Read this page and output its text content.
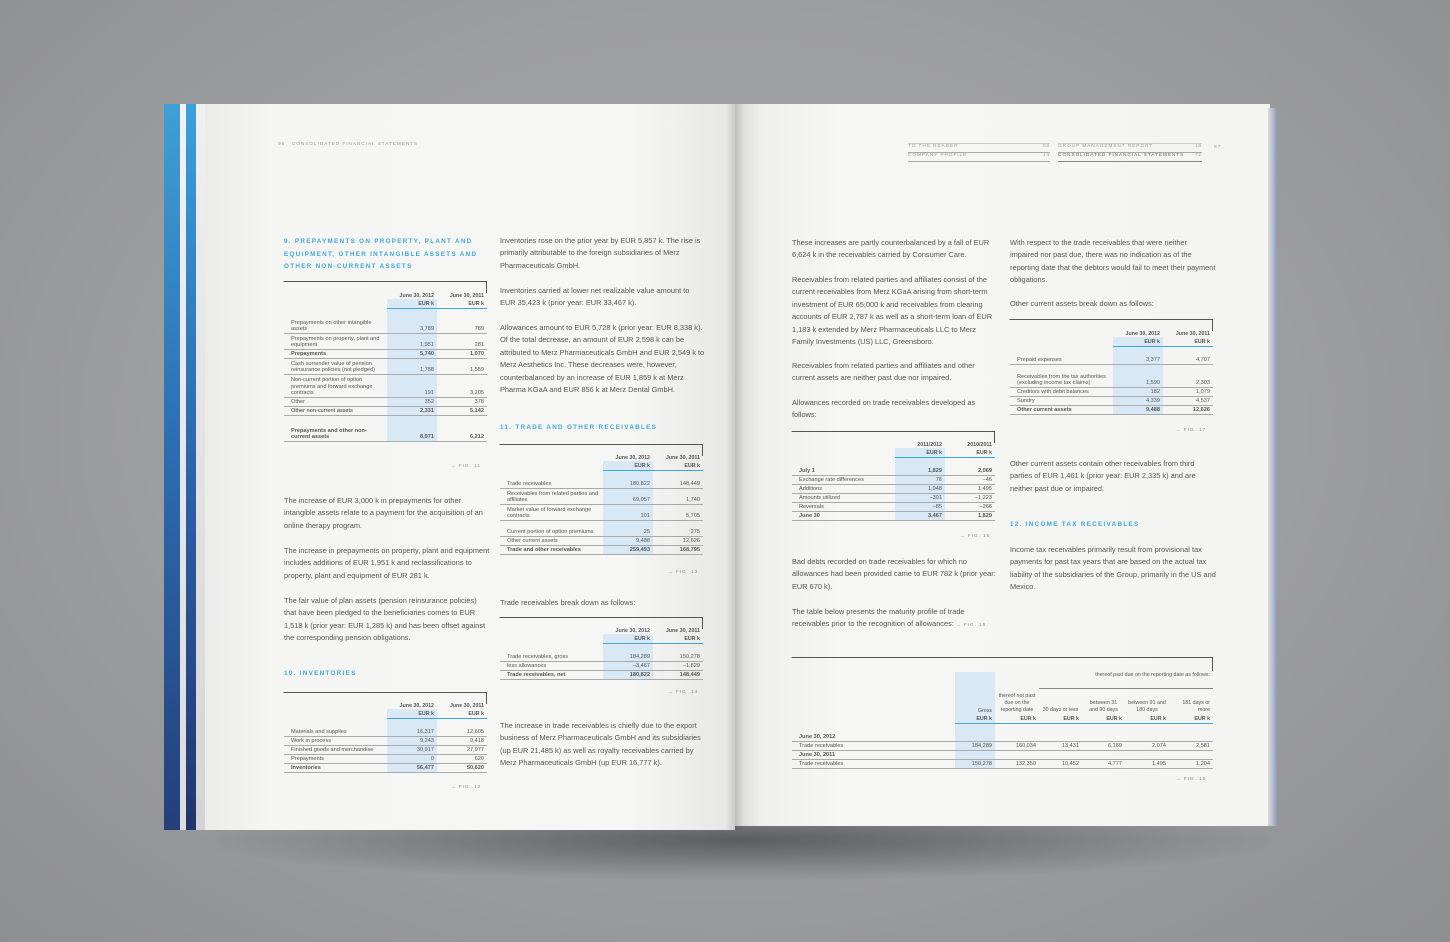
96 CONSOLIDATED FINANCIAL STATEMENTS
9. PREPAYMENTS ON PROPERTY, PLANT AND
EQUIPMENT, OTHER INTANGIBLE ASSETS AND
OTHER NON-CURRENT ASSETS
	June 30, 2012	June 30, 2011
	EUR k	EUR k

Prepayments on other intangible assets	3,789	789
Prepayments on property, plant and equipment	1,951	281
Prepayments	5,740	1,070
Cash surrender value of pension reinsurance policies (not pledged)	1,788	1,559
Non-current portion of option premiums and forward exchange contracts	191	3,205
Other	352	378
Other non-current assets	2,331	5,142

Prepayments and other non-current assets	8,071	6,212
→ FIG. 11
The increase of EUR 3,000 k in prepayments for other intangible assets relate to a payment for the acquisition of an online therapy program.
The increase in prepayments on property, plant and equipment includes additions of EUR 1,951 k and reclassifications to property, plant and equipment of EUR 281 k.
The fair value of plan assets (pension reinsurance policies) that have been pledged to the beneficiaries comes to EUR 1,518 k (prior year: EUR 1,285 k) and has been offset against the corresponding pension obligations.
10. INVENTORIES
	June 30, 2012	June 30, 2011
	EUR k	EUR k

Materials and supplies	16,317	12,605
Work in process	9,243	9,418
Finished goods and merchandise	30,917	27,977
Prepayments	0	620
Inventories	56,477	50,620
→ FIG. 12
Inventories rose on the prior year by EUR 5,857 k. The rise is primarily attributable to the foreign subsidiaries of Merz Pharmaceuticals GmbH.
Inventories carried at lower net realizable value amount to EUR 35,423 k (prior year: EUR 33,467 k).
Allowances amount to EUR 5,728 k (prior year: EUR 8,338 k). Of the total decrease, an amount of EUR 2,598 k can be attributed to Merz Pharmaceuticals GmbH and EUR 2,549 k to Merz Aesthetics Inc. These decreases were, however, counterbalanced by an increase of EUR 1,859 k at Merz Pharma KGaA and EUR 856 k at Merz Dental GmbH.
11. TRADE AND OTHER RECEIVABLES
	June 30, 2012	June 30, 2011
	EUR k	EUR k

Trade receivables	180,822	148,449
Receivables from related parties and affiliates	69,057	1,740
Market value of forward exchange contracts	101	5,705
Current portion of option premiums	25	275
Other current assets	9,488	12,626
Trade and other receivables	259,493	168,795
→ FIG. 13
Trade receivables break down as follows:
	June 30, 2012	June 30, 2011
	EUR k	EUR k

Trade receivables, gross	184,289	150,278
less allowances	–3,467	–1,829
Trade receivables, net	180,822	148,449
→ FIG. 14
The increase in trade receivables is chiefly due to the export business of Merz Pharmaceuticals GmbH and its subsidiaries (up EUR 21,485 k) as well as royalty receivables carried by Merz Pharmaceuticals GmbH (up EUR 16,777 k).
TO THE READER	08
COMPANY PROFILE	14
GROUP MANAGEMENT REPORT	16
CONSOLIDATED FINANCIAL STATEMENTS 72
97
These increases are partly counterbalanced by a fall of EUR 6,624 k in the receivables carried by Consumer Care.
Receivables from related parties and affiliates consist of the current receivables from Merz KGaA arising from short-term investment of EUR 65,000 k and receivables from clearing accounts of EUR 2,787 k as well as a short-term loan of EUR 1,183 k extended by Merz Pharmaceuticals LLC to Merz Family Investments (US) LLC, Greensboro.
Receivables from related parties and affiliates and other current assets are neither past due nor impaired.
Allowances recorded on trade receivables developed as follows:
	2011/2012	2010/2011
	EUR k	EUR k

July 1	1,829	2,069
Exchange rate differences	76	–46
Additions	1,948	1,495
Amounts utilized	–301	–1,223
Reversals	–85	–266
June 30	3,467	1,829
→ FIG. 15
Bad debts recorded on trade receivables for which no allowances had been provided came to EUR 782 k (prior year: EUR 670 k).
The table below presents the maturity profile of trade receivables prior to the recognition of allowances: → FIG. 16
With respect to the trade receivables that were neither impaired nor past due, there was no indication as of the reporting date that the debtors would fail to meet their payment obligations.
Other current assets break down as follows:
	June 30, 2012	June 30, 2011
	EUR k	EUR k

Prepaid expenses	3,377	4,707
Receivables from the tax authorities (excluding income tax claims)	1,590	2,303
Creditors with debit balances	182	1,079
Sundry	4,339	4,537
Other current assets	9,488	12,626
→ FIG. 17
Other current assets contain other receivables from third parties of EUR 1,461 k (prior year: EUR 2,335 k) and are neither past due or impaired.
12. INCOME TAX RECEIVABLES
Income tax receivables primarily result from provisional tax payments for past tax years that are based on the actual tax liability of the subsidiaries of the Group, primarily in the US and Mexico.
		thereof not past due on the reporting date	thereof past due on the reporting date as follows:			
	Gross		30 days or less	between 31 and 90 days	between 91 and 180 days	181 days or more
	EUR k	EUR k	EUR k	EUR k	EUR k	EUR k

June 30, 2012						
Trade receivables	184,289	160,034	13,431	6,169	2,074	2,581
June 30, 2011						
Trade receivables	150,278	132,350	10,452	4,777	1,495	1,204
→ FIG. 16
